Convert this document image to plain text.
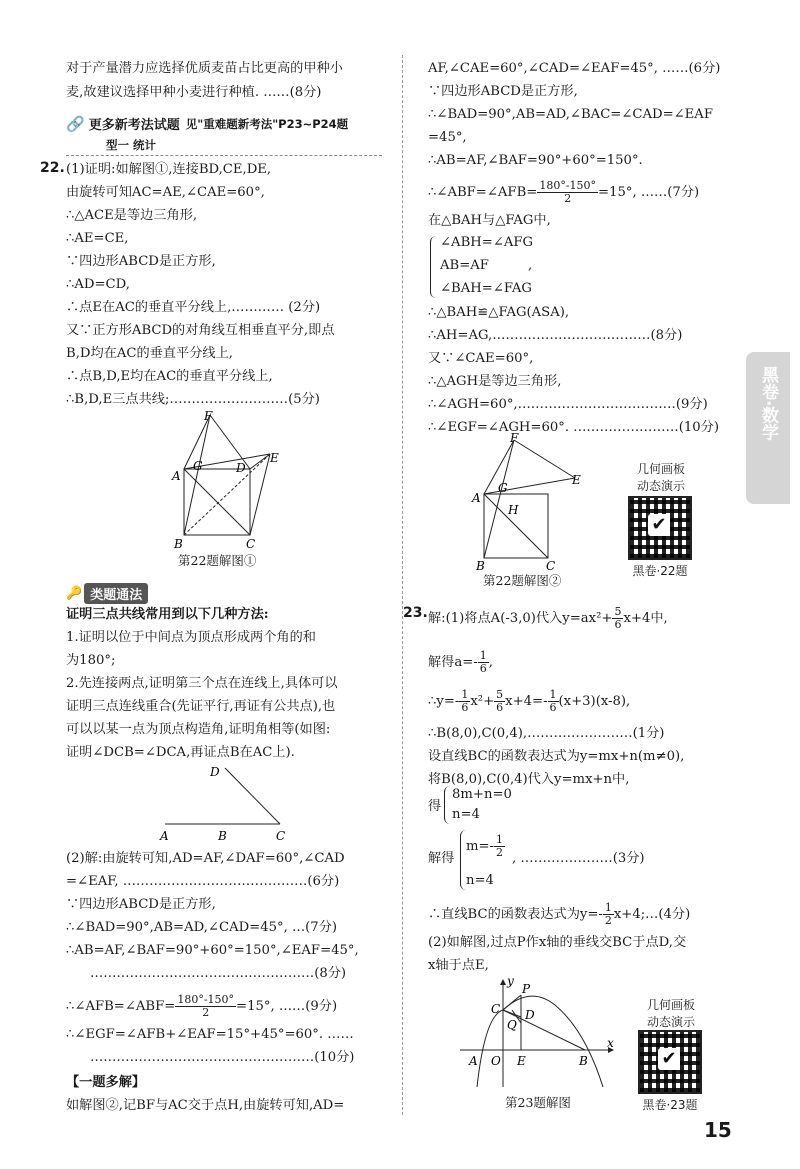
对于产量潜力应选择优质麦苗占比更高的甲种小
麦,故建议选择甲种小麦进行种植. ……(8分)
🔗 更多新考法试题 见"重难题新考法"P23~P24题
型一 统计
22. (1)证明:如解图①,连接BD,CE,DE,
由旋转可知AC=AE,∠CAE=60°,
∴△ACE是等边三角形,
∴AE=CE,
∵四边形ABCD是正方形,
∴AD=CD,
∴点E在AC的垂直平分线上,………… (2分)
又∵正方形ABCD的对角线互相垂直平分,即点
B,D均在AC的垂直平分线上,
∴点B,D,E均在AC的垂直平分线上,
∴B,D,E三点共线;………………………(5分)
F
A
G	D
E
B	C
第22题解图①
🔑 类题通法
证明三点共线常用到以下几种方法:
1.证明以位于中间点为顶点形成两个角的和
为180°;
2.先连接两点,证明第三个点在连线上,具体可以
证明三点连线重合(先证平行,再证有公共点),也
可以以某一点为顶点构造角,证明角相等(如图:
证明∠DCB=∠DCA,再证点B在AC上).
D
A	B	C
(2)解:由旋转可知,AD=AF,∠DAF=60°,∠CAD
=∠EAF, ……………………………………(6分)
∵四边形ABCD是正方形,
∴∠BAD=90°,AB=AD,∠CAD=45°, …(7分)
∴AB=AF,∠BAF=90°+60°=150°,∠EAF=45°,
……………………………………………(8分)
∴∠AFB=∠ABF= $\frac{180^\circ-150^\circ}{2} =15^\circ$, ……(9分)
∴∠EGF=∠AFB+∠EAF=15°+45°=60°. ……
……………………………………………(10分)
【一题多解】
如解图②,记BF与AC交于点H,由旋转可知,AD=
AF,∠CAE=60°,∠CAD=∠EAF=45°, ……(6分)
∵四边形ABCD是正方形,
∴∠BAD=90°,AB=AD,∠BAC=∠CAD=∠EAF
=45°,
∴AB=AF,∠BAF=90°+60°=150°.
∴∠ABF=∠AFB= $\frac{180^\circ-150^\circ}{2} =15^\circ$, ……(7分)
在△BAH与△FAG中,
∠ABH=∠AFG
AB=AF
∠BAH=∠FAG
,
∴△BAH≌△FAG(ASA),
∴AH=AG,………………………………(8分)
又∵∠CAE=60°,
∴△AGH是等边三角形,
∴∠AGH=60°,………………………………(9分)
∴∠EGF=∠AGH=60°. ……………………(10分)
F
E
A
G
H
B	C
第22题解图②
几何画板
动态演示
✔
黑卷·22题
23. 解:(1)将点A(-3,0)代入$y=ax^2+ \frac{5}{6} x+4$中,
解得$a=- \frac{1}{6}$ ,
∴y=- $\frac{1}{6} x^2+ \frac{5}{6} x+4=- \frac{1}{6} (x+3)(x-8)$,
∴B(8,0),C(0,4),……………………(1分)
设直线BC的函数表达式为y=mx+n(m≠0),
将B(8,0),C(0,4)代入y=mx+n中,
得
8m+n=0
n=4
解得
$m=- \frac{1}{2}$
n=4
, …………………(3分)
∴直线BC的函数表达式为$y=- \frac{1}{2}$ x+4;…(4分)
(2)如解图,过点P作x轴的垂线交BC于点D,交
x轴于点E,
y
P
C D
Q
A O E	B
x
第23题解图
几何画板
动态演示
✔
黑卷·23题
黑卷·数学
15
